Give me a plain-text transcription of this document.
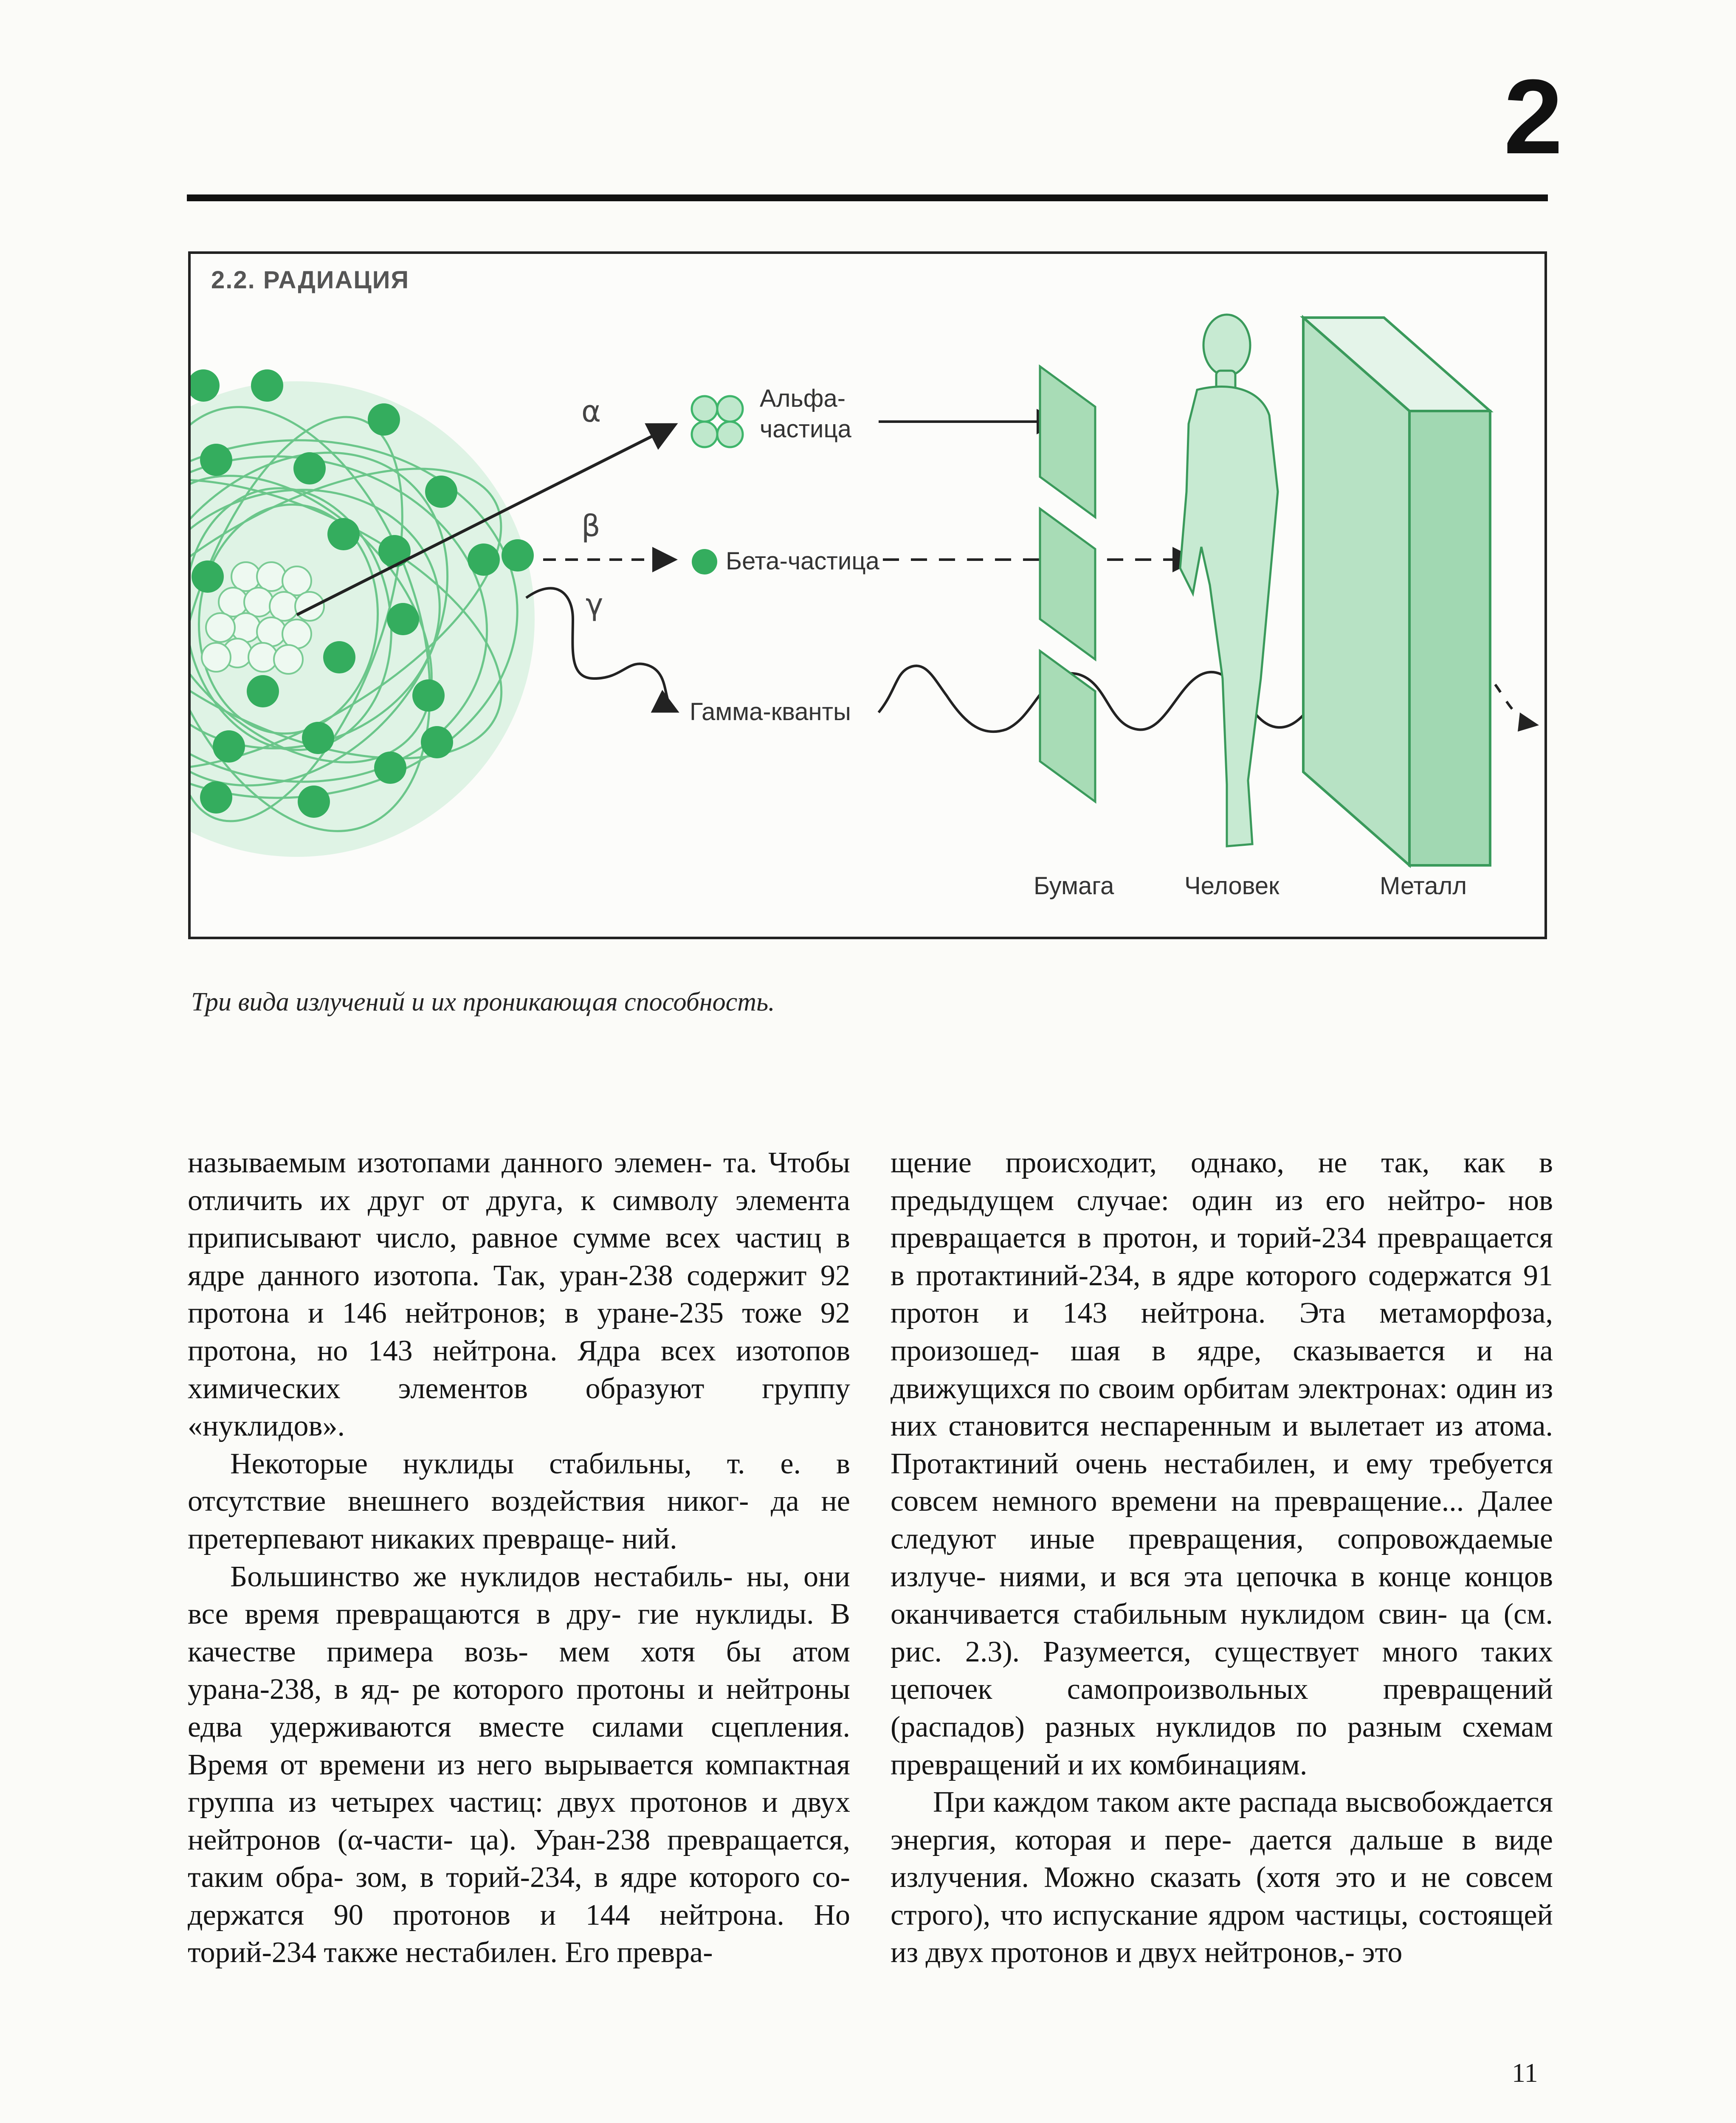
2
2.2. РАДИАЦИЯ
α
β
γ
Альфа-
частица
Бета-частица
Гамма-кванты
Бумага	Человек	Металл
Три вида излучений и их проникающая способность.

называемым изотопами данного элемен- та. Чтобы отличить их друг от друга, к символу элемента приписывают число, равное сумме всех частиц в ядре данного изотопа. Так, уран-238 содержит 92 протона и 146 нейтронов; в уране-235 тоже 92 протона, но 143 нейтрона. Ядра всех изотопов химических элементов образуют группу «нуклидов».

Некоторые нуклиды стабильны, т. е. в отсутствие внешнего воздействия никог- да не претерпевают никаких превраще- ний.

Большинство же нуклидов нестабиль- ны, они все время превращаются в дру- гие нуклиды. В качестве примера возь- мем хотя бы атом урана-238, в яд- ре которого протоны и нейтроны едва удерживаются вместе силами сцепления. Время от времени из него вырывается компактная группа из четырех частиц: двух протонов и двух нейтронов (α-части- ца). Уран-238 превращается, таким обра- зом, в торий-234, в ядре которого со- держатся 90 протонов и 144 нейтрона. Но торий-234 также нестабилен. Его превра-

щение происходит, однако, не так, как в предыдущем случае: один из его нейтро- нов превращается в протон, и торий-234 превращается в протактиний-234, в ядре которого содержатся 91 протон и 143 нейтрона. Эта метаморфоза, произошед- шая в ядре, сказывается и на движущихся по своим орбитам электронах: один из них становится неспаренным и вылетает из атома. Протактиний очень нестабилен, и ему требуется совсем немного времени на превращение... Далее следуют иные превращения, сопровождаемые излуче- ниями, и вся эта цепочка в конце концов оканчивается стабильным нуклидом свин- ца (см. рис. 2.3). Разумеется, существует много таких цепочек самопроизвольных превращений (распадов) разных нуклидов по разным схемам превращений и их комбинациям.

При каждом таком акте распада высвобождается энергия, которая и пере- дается дальше в виде излучения. Можно сказать (хотя это и не совсем строго), что испускание ядром частицы, состоящей из двух протонов и двух нейтронов,- это

11
